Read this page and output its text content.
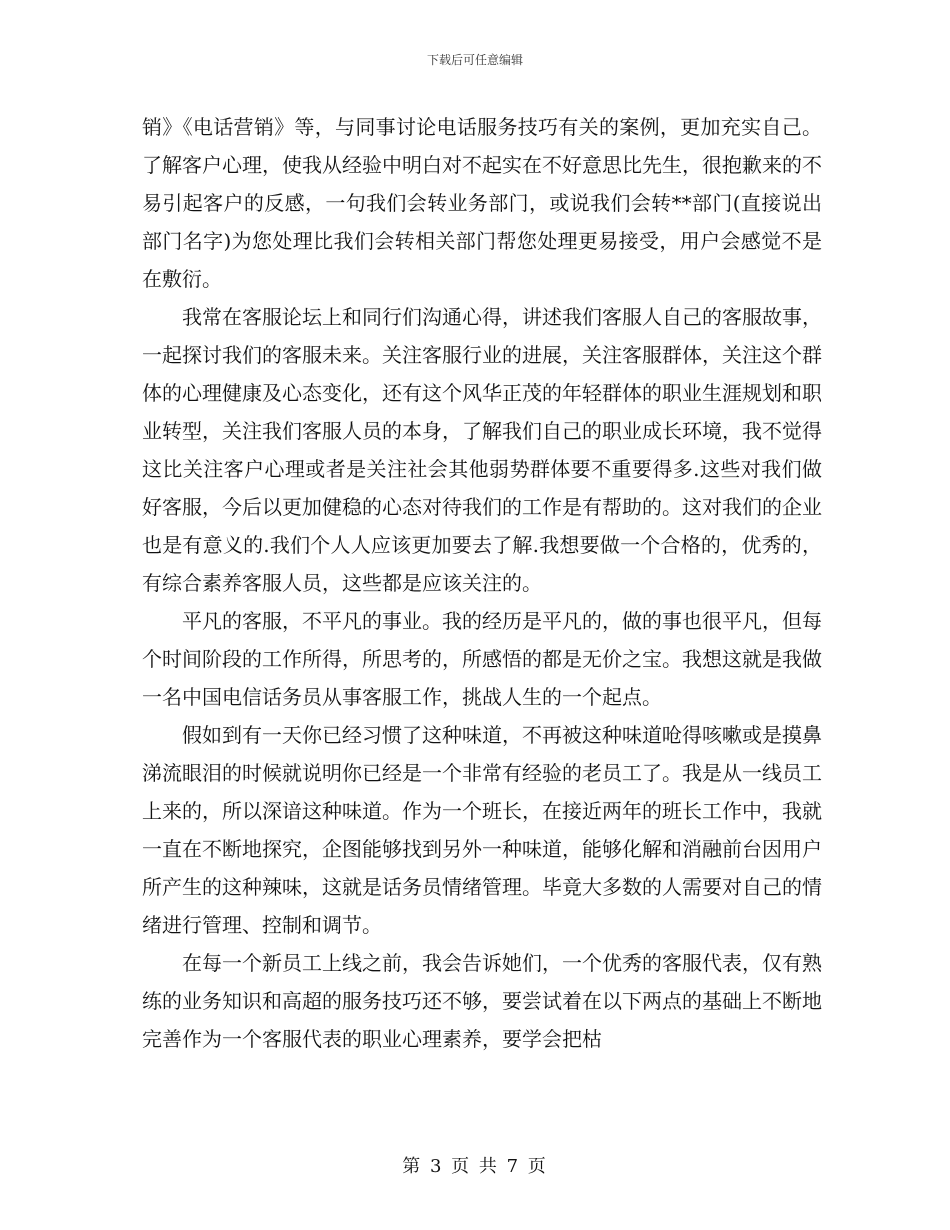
下载后可任意编辑

销》《电话营销》等，与同事讨论电话服务技巧有关的案例，更加充实自己。了解客户心理，使我从经验中明白对不起实在不好意思比先生，很抱歉来的不易引起客户的反感，一句我们会转业务部门，或说我们会转**部门(直接说出部门名字)为您处理比我们会转相关部门帮您处理更易接受，用户会感觉不是在敷衍。

我常在客服论坛上和同行们沟通心得，讲述我们客服人自己的客服故事，一起探讨我们的客服未来。关注客服行业的进展，关注客服群体，关注这个群体的心理健康及心态变化，还有这个风华正茂的年轻群体的职业生涯规划和职业转型，关注我们客服人员的本身，了解我们自己的职业成长环境，我不觉得这比关注客户心理或者是关注社会其他弱势群体要不重要得多.这些对我们做好客服，今后以更加健稳的心态对待我们的工作是有帮助的。这对我们的企业也是有意义的.我们个人人应该更加要去了解.我想要做一个合格的，优秀的，有综合素养客服人员，这些都是应该关注的。

平凡的客服，不平凡的事业。我的经历是平凡的，做的事也很平凡，但每个时间阶段的工作所得，所思考的，所感悟的都是无价之宝。我想这就是我做一名中国电信话务员从事客服工作，挑战人生的一个起点。

假如到有一天你已经习惯了这种味道，不再被这种味道呛得咳嗽或是摸鼻涕流眼泪的时候就说明你已经是一个非常有经验的老员工了。我是从一线员工上来的，所以深谙这种味道。作为一个班长，在接近两年的班长工作中，我就一直在不断地探究，企图能够找到另外一种味道，能够化解和消融前台因用户所产生的这种辣味，这就是话务员情绪管理。毕竟大多数的人需要对自己的情绪进行管理、控制和调节。

在每一个新员工上线之前，我会告诉她们，一个优秀的客服代表，仅有熟练的业务知识和高超的服务技巧还不够，要尝试着在以下两点的基础上不断地完善作为一个客服代表的职业心理素养，要学会把枯

第 3 页 共 7 页
